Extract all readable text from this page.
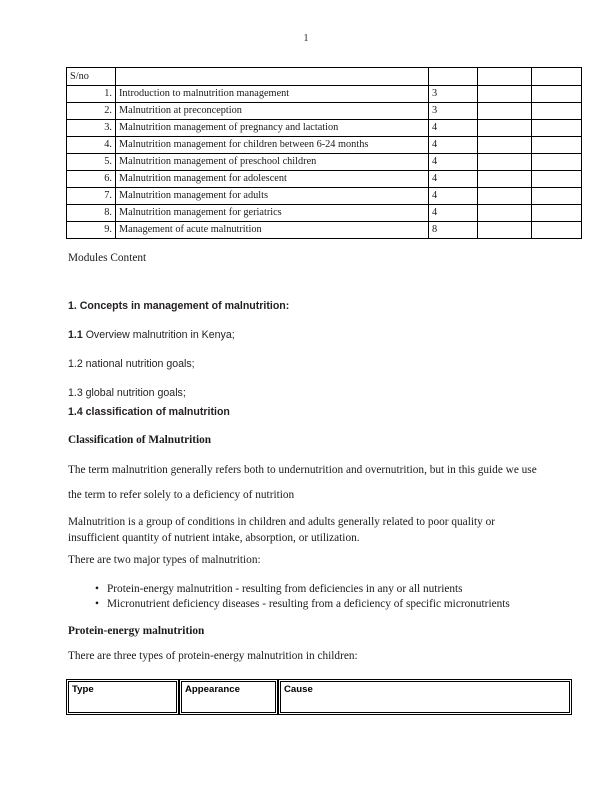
1
S/no				
1.	Introduction to malnutrition management	3		
2.	Malnutrition at preconception	3		
3.	Malnutrition management of pregnancy and lactation	4		
4.	Malnutrition management for children between 6-24 months	4		
5.	Malnutrition management of preschool children	4		
6.	Malnutrition management for adolescent	4		
7.	Malnutrition management for adults	4		
8.	Malnutrition management for geriatrics	4		
9.	Management of acute malnutrition	8		
Modules Content
1. Concepts in management of malnutrition:
1.1 Overview malnutrition in Kenya;
1.2 national nutrition goals;
1.3 global nutrition goals;
1.4 classification of malnutrition
Classification of Malnutrition
The term malnutrition generally refers both to undernutrition and overnutrition, but in this guide we use the term to refer solely to a deficiency of nutrition
Malnutrition is a group of conditions in children and adults generally related to poor quality or insufficient quantity of nutrient intake, absorption, or utilization.
There are two major types of malnutrition:
• Protein-energy malnutrition - resulting from deficiencies in any or all nutrients
• Micronutrient deficiency diseases - resulting from a deficiency of specific micronutrients
Protein-energy malnutrition
There are three types of protein-energy malnutrition in children:
Type	Appearance	Cause
